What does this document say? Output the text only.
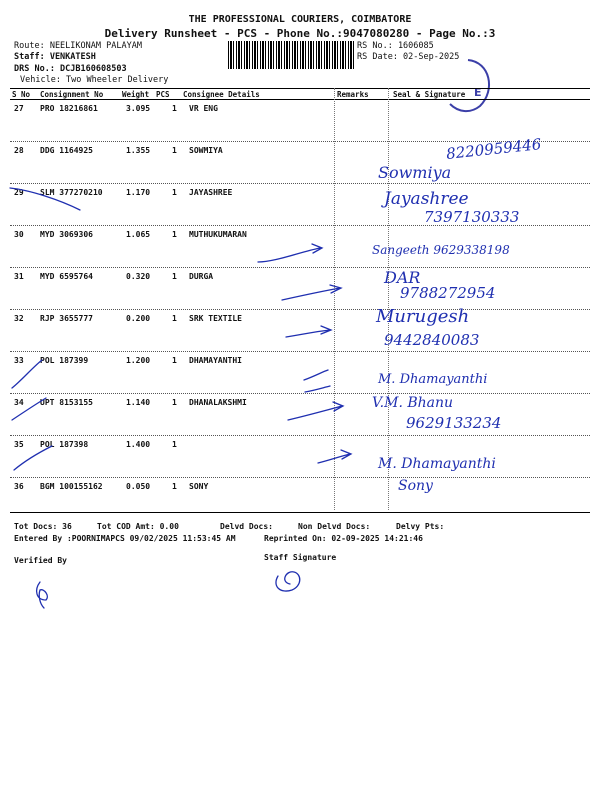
THE PROFESSIONAL COURIERS, COIMBATORE
Delivery Runsheet - PCS - Phone No.:9047080280 - Page No.:3
Route: NEELIKONAM PALAYAM
Staff: VENKATESH
DRS No.: DCJB160608503
Vehicle: Two Wheeler Delivery
RS No.: 1606085
RS Date: 02-Sep-2025
E
S No Consignment No	Weight PCS Consignee Details	Remarks	Seal & Signature
27 PRO 18216861	3.095	1 VR ENG
28 DDG 1164925	1.355	1 SOWMIYA
29 SLM 377270210	1.170	1 JAYASHREE
30 MYD 3069306	1.065	1 MUTHUKUMARAN
31 MYD 6595764	0.320	1 DURGA
32 RJP 3655777	0.200	1 SRK TEXTILE
33 POL 187399	1.200	1 DHAMAYANTHI
34 UPT 8153155	1.140	1 DHANALAKSHMI
35 POL 187398	1.400	1
36 BGM 100155162	0.050	1 SONY
8220959446
Sowmiya
Jayashree
7397130333
Sangeeth 9629338198
DAR
9788272954
Murugesh
9442840083
M. Dhamayanthi
V.M. Bhanu
9629133234
M. Dhamayanthi
Sony
Tot Docs: 36	Tot COD Amt: 0.00	Delvd Docs:	Non Delvd Docs:	Delvy Pts:
Entered By :POORNIMAPCS 09/02/2025 11:53:45 AM	Reprinted On: 02-09-2025 14:21:46
Verified By	Staff Signature
